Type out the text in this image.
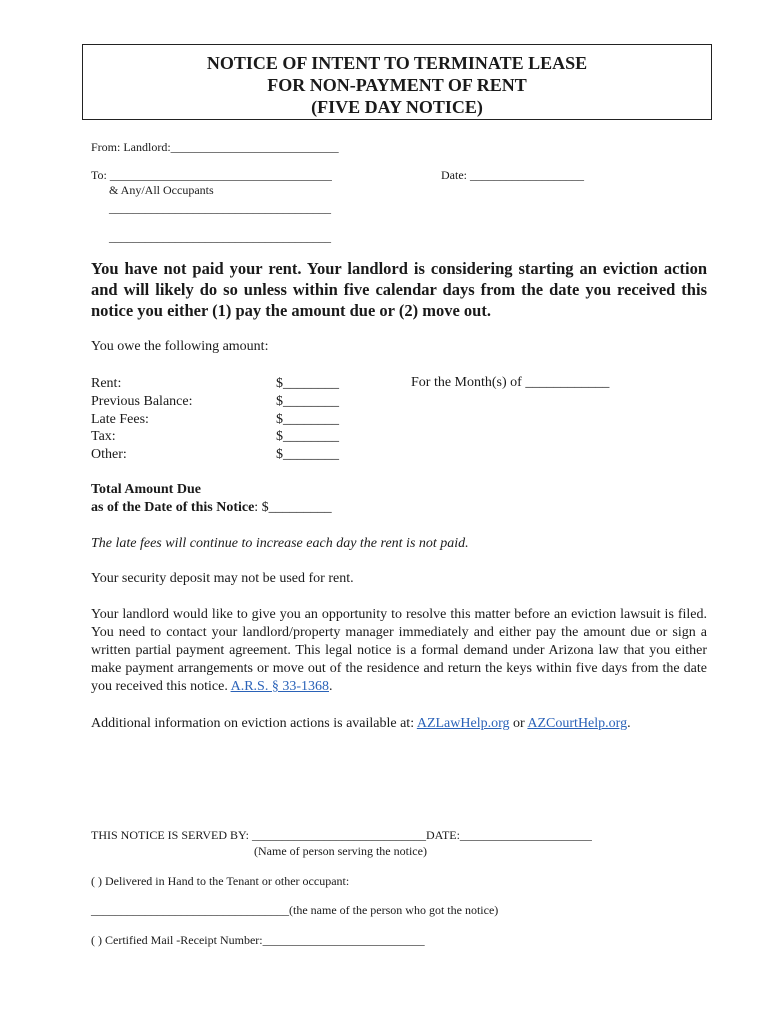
NOTICE OF INTENT TO TERMINATE LEASE
FOR NON-PAYMENT OF RENT
(FIVE DAY NOTICE)
From: Landlord:____________________________
To: _____________________________________	Date: ___________________
& Any/All Occupants
_____________________________________
_____________________________________
You have not paid your rent. Your landlord is considering starting an eviction action and will likely do so unless within five calendar days from the date you received this notice you either (1) pay the amount due or (2) move out.
You owe the following amount:
Rent:
Previous Balance:
Late Fees:
Tax:
Other:
$________
$________
$________
$________
$________
For the Month(s) of ____________
Total Amount Due
as of the Date of this Notice: $_________
The late fees will continue to increase each day the rent is not paid.
Your security deposit may not be used for rent.
Your landlord would like to give you an opportunity to resolve this matter before an eviction lawsuit is filed. You need to contact your landlord/property manager immediately and either pay the amount due or sign a written partial payment agreement. This legal notice is a formal demand under Arizona law that you either make payment arrangements or move out of the residence and return the keys within five days from the date you received this notice. A.R.S. § 33-1368.
Additional information on eviction actions is available at: AZLawHelp.org or AZCourtHelp.org.
THIS NOTICE IS SERVED BY: _____________________________DATE:______________________
(Name of person serving the notice)
( ) Delivered in Hand to the Tenant or other occupant:
_________________________________(the name of the person who got the notice)
( ) Certified Mail -Receipt Number:___________________________
